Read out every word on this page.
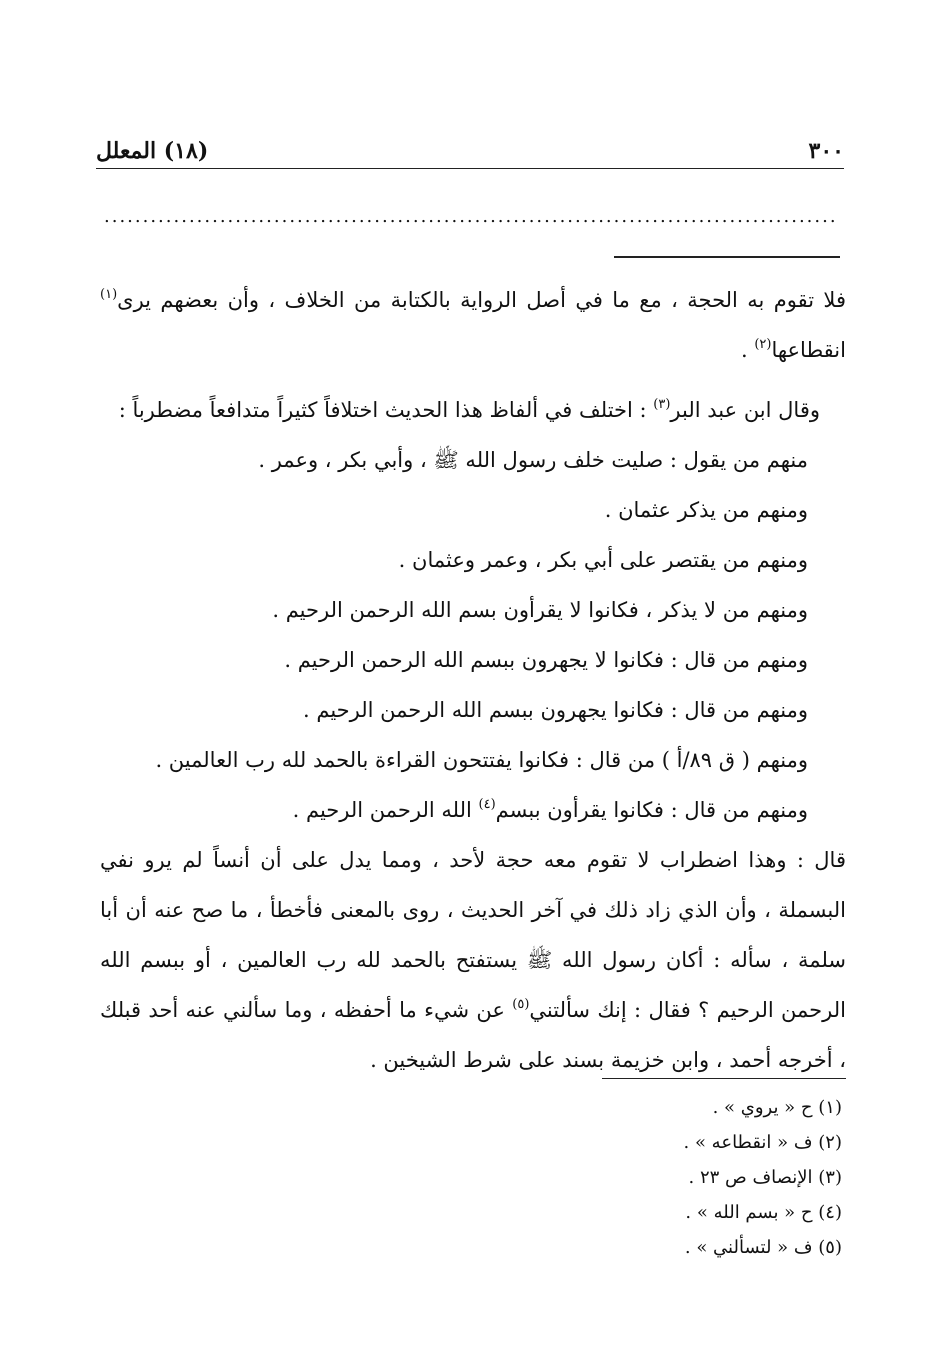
٣٠٠
(١٨) المعلل
...............................................................................................

فلا تقوم به الحجة ، مع ما في أصل الرواية بالكتابة من الخلاف ، وأن بعضهم يرى$^{(١)}$ انقطاعها$^{(٢)}$ .

وقال ابن عبد البر$^{(٣)}$ : اختلف في ألفاظ هذا الحديث اختلافاً كثيراً متدافعاً مضطرباً :

منهم من يقول : صليت خلف رسول الله ﷺ ، وأبي بكر ، وعمر .

ومنهم من يذكر عثمان .

ومنهم من يقتصر على أبي بكر ، وعمر وعثمان .

ومنهم من لا يذكر ، فكانوا لا يقرأون بسم الله الرحمن الرحيم .

ومنهم من قال : فكانوا لا يجهرون ببسم الله الرحمن الرحيم .

ومنهم من قال : فكانوا يجهرون ببسم الله الرحمن الرحيم .

ومنهم ( ق ٨٩/أ ) من قال : فكانوا يفتتحون القراءة بالحمد لله رب العالمين .

ومنهم من قال : فكانوا يقرأون ببسم$^{(٤)}$ الله الرحمن الرحيم .

قال : وهذا اضطراب لا تقوم معه حجة لأحد ، ومما يدل على أن أنساً لم يرو نفي البسملة ، وأن الذي زاد ذلك في آخر الحديث ، روى بالمعنى فأخطأ ، ما صح عنه أن أبا سلمة ، سأله : أكان رسول الله ﷺ يستفتح بالحمد لله رب العالمين ، أو ببسم الله الرحمن الرحيم ؟ فقال : إنك سألتني$^{(٥)}$ عن شيء ما أحفظه ، وما سألني عنه أحد قبلك ، أخرجه أحمد ، وابن خزيمة بسند على شرط الشيخين .

(١) ح « يروي » .

(٢) ف « انقطاعه » .

(٣) الإنصاف ص ٢٣ .

(٤) ح « بسم الله » .

(٥) ف « لتسألني » .
